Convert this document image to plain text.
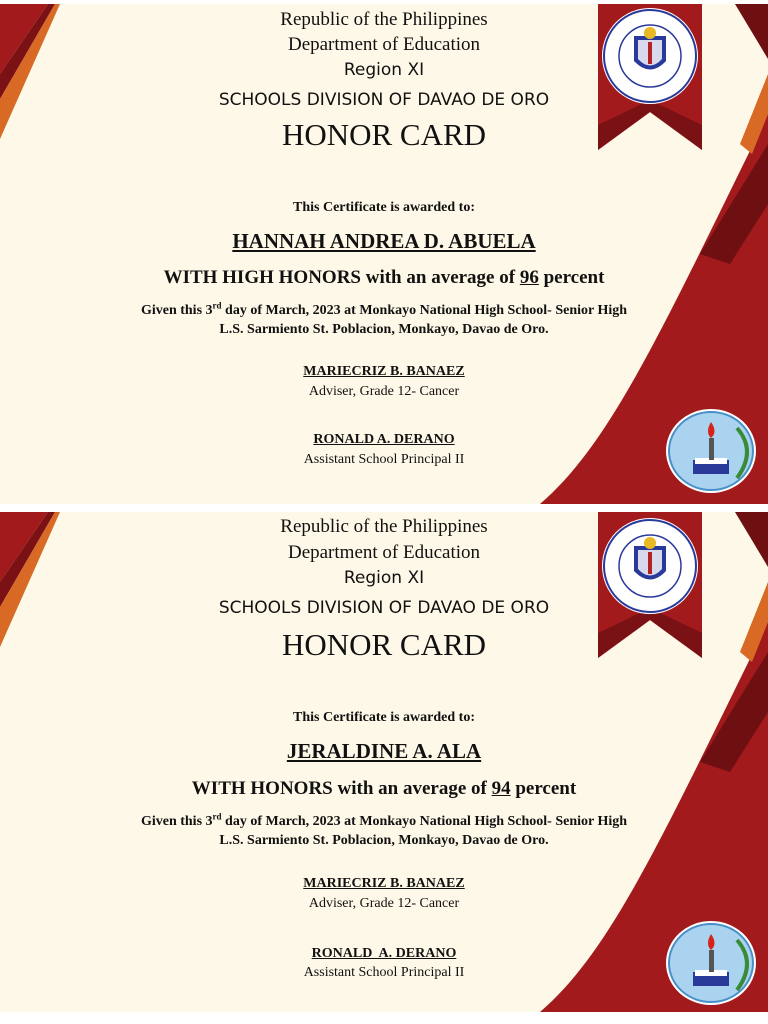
Republic of the Philippines
Department of Education
Region XI
SCHOOLS DIVISION OF DAVAO DE ORO
HONOR CARD
This Certificate is awarded to:
HANNAH ANDREA D. ABUELA
WITH HIGH HONORS with an average of 96 percent
Given this 3rd day of March, 2023 at Monkayo National High School- Senior High
L.S. Sarmiento St. Poblacion, Monkayo, Davao de Oro.
MARIECRIZ B. BANAEZ
Adviser, Grade 12- Cancer
RONALD A. DERANO
Assistant School Principal II
Republic of the Philippines
Department of Education
Region XI
SCHOOLS DIVISION OF DAVAO DE ORO
HONOR CARD
This Certificate is awarded to:
JERALDINE A. ALA
WITH HONORS with an average of 94 percent
Given this 3rd day of March, 2023 at Monkayo National High School- Senior High
L.S. Sarmiento St. Poblacion, Monkayo, Davao de Oro.
MARIECRIZ B. BANAEZ
Adviser, Grade 12- Cancer
RONALD  A. DERANO
Assistant School Principal II
